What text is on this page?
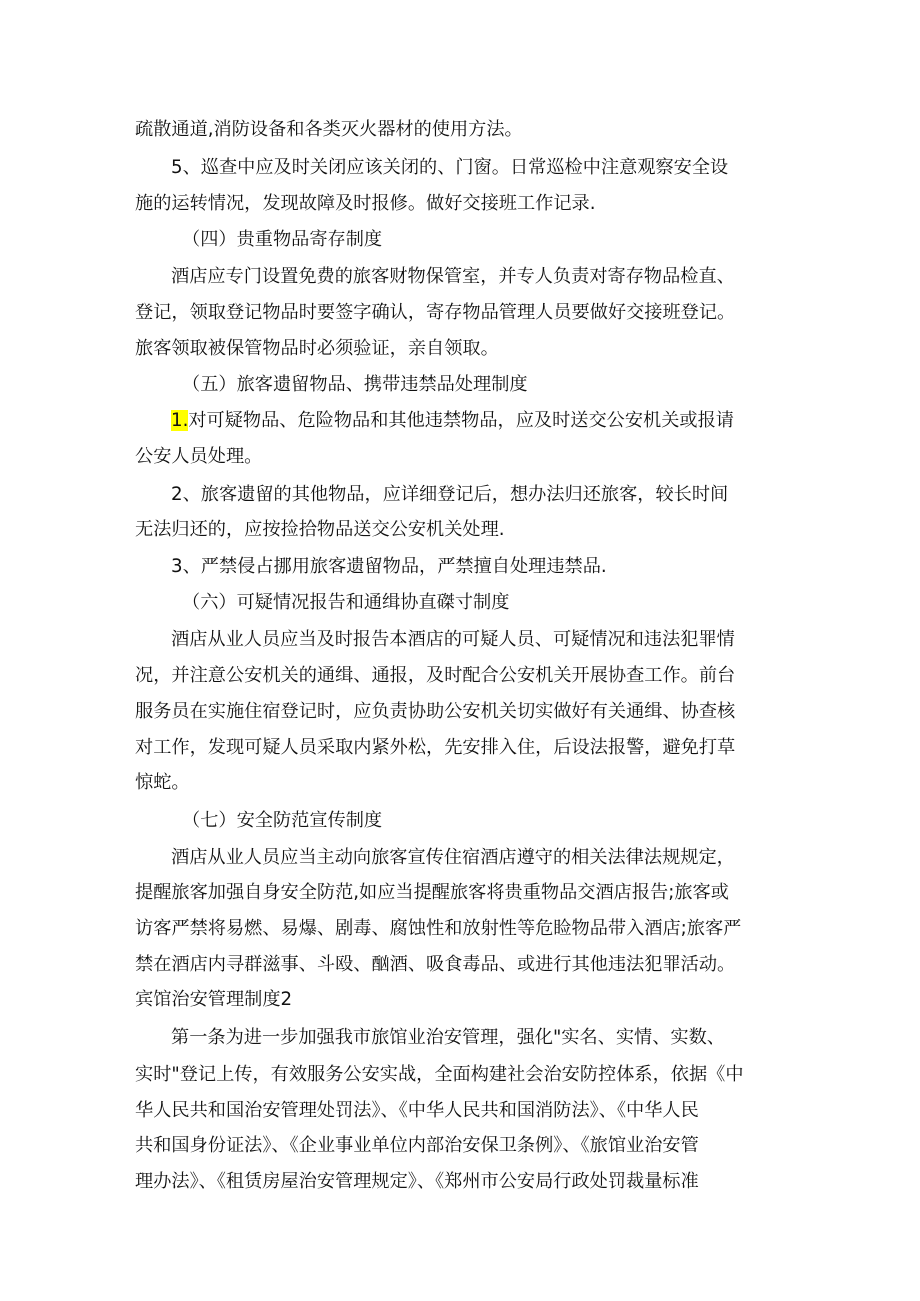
疏散通道,消防设备和各类灭火器材的使用方法。

5、巡查中应及时关闭应该关闭的、门窗。日常巡检中注意观察安全设

施的运转情况，发现故障及时报修。做好交接班工作记录.

（四）贵重物品寄存制度

酒店应专门设置免费的旅客财物保管室，并专人负责对寄存物品检直、

登记，领取登记物品时要签字确认，寄存物品管理人员要做好交接班登记。

旅客领取被保管物品时必须验证，亲自领取。

（五）旅客遗留物品、携带违禁品处理制度

1.对可疑物品、危险物品和其他违禁物品，应及时送交公安机关或报请

公安人员处理。

2、旅客遗留的其他物品，应详细登记后，想办法归还旅客，较长时间

无法归还的，应按捡拾物品送交公安机关处理.

3、严禁侵占挪用旅客遗留物品，严禁擅自处理违禁品.

（六）可疑情况报告和通缉协直磔寸制度

酒店从业人员应当及时报告本酒店的可疑人员、可疑情况和违法犯罪情

况，并注意公安机关的通缉、通报，及时配合公安机关开展协查工作。前台

服务员在实施住宿登记时，应负责协助公安机关切实做好有关通缉、协查核

对工作，发现可疑人员采取内紧外松，先安排入住，后设法报警，避免打草

惊蛇。

（七）安全防范宣传制度

酒店从业人员应当主动向旅客宣传住宿酒店遵守的相关法律法规规定，

提醒旅客加强自身安全防范,如应当提醒旅客将贵重物品交酒店报告;旅客或

访客严禁将易燃、易爆、剧毒、腐蚀性和放射性等危睑物品带入酒店;旅客严

禁在酒店内寻群滋事、斗殴、酗酒、吸食毒品、或进行其他违法犯罪活动。

宾馆治安管理制度2

第一条为进一步加强我市旅馆业治安管理，强化"实名、实情、实数、

实时"登记上传，有效服务公安实战，全面构建社会治安防控体系，依据《中

华人民共和国治安管理处罚法》、《中华人民共和国消防法》、《中华人民

共和国身份证法》、《企业事业单位内部治安保卫条例》、《旅馆业治安管

理办法》、《租赁房屋治安管理规定》、《郑州市公安局行政处罚裁量标准
